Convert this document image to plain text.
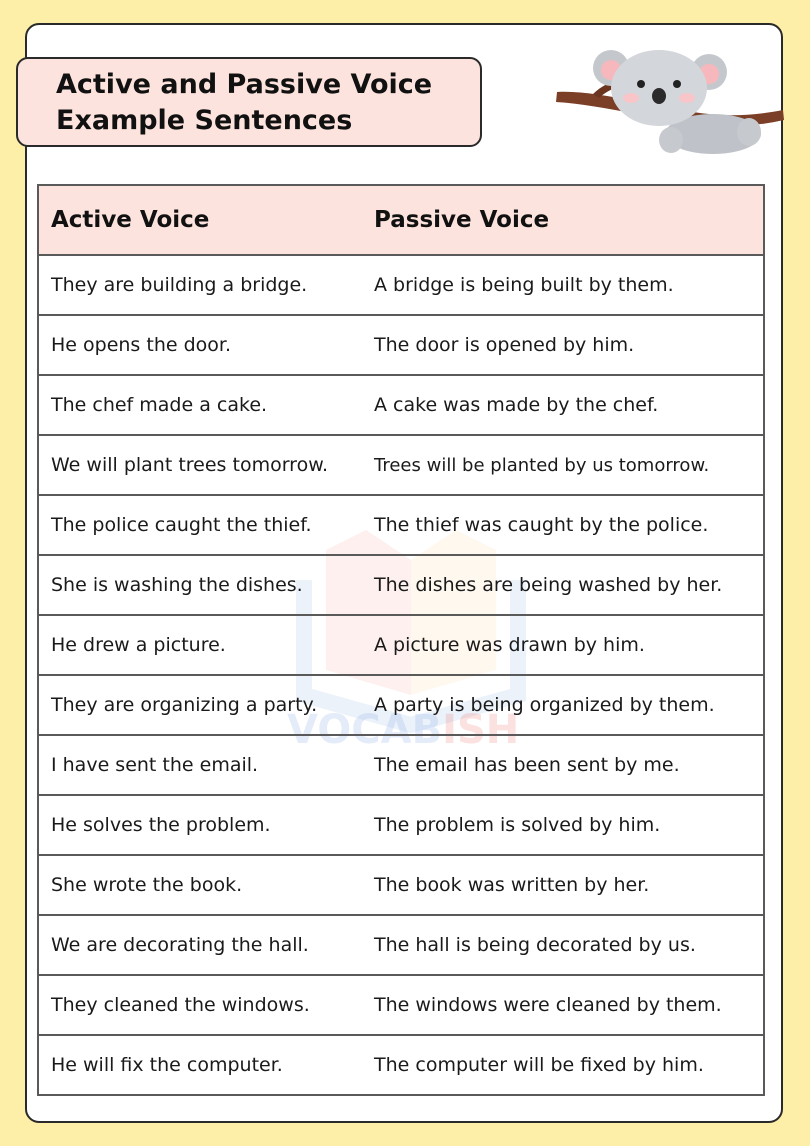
Active and Passive Voice
Example Sentences
Active Voice	Passive Voice
They are building a bridge.	A bridge is being built by them.
He opens the door.	The door is opened by him.
The chef made a cake.	A cake was made by the chef.
We will plant trees tomorrow.	Trees will be planted by us tomorrow.
The police caught the thief.	The thief was caught by the police.
She is washing the dishes.	The dishes are being washed by her.
He drew a picture.	A picture was drawn by him.
They are organizing a party.	A party is being organized by them.
I have sent the email.	The email has been sent by me.
He solves the problem.	The problem is solved by him.
She wrote the book.	The book was written by her.
We are decorating the hall.	The hall is being decorated by us.
They cleaned the windows.	The windows were cleaned by them.
He will fix the computer.	The computer will be fixed by him.
